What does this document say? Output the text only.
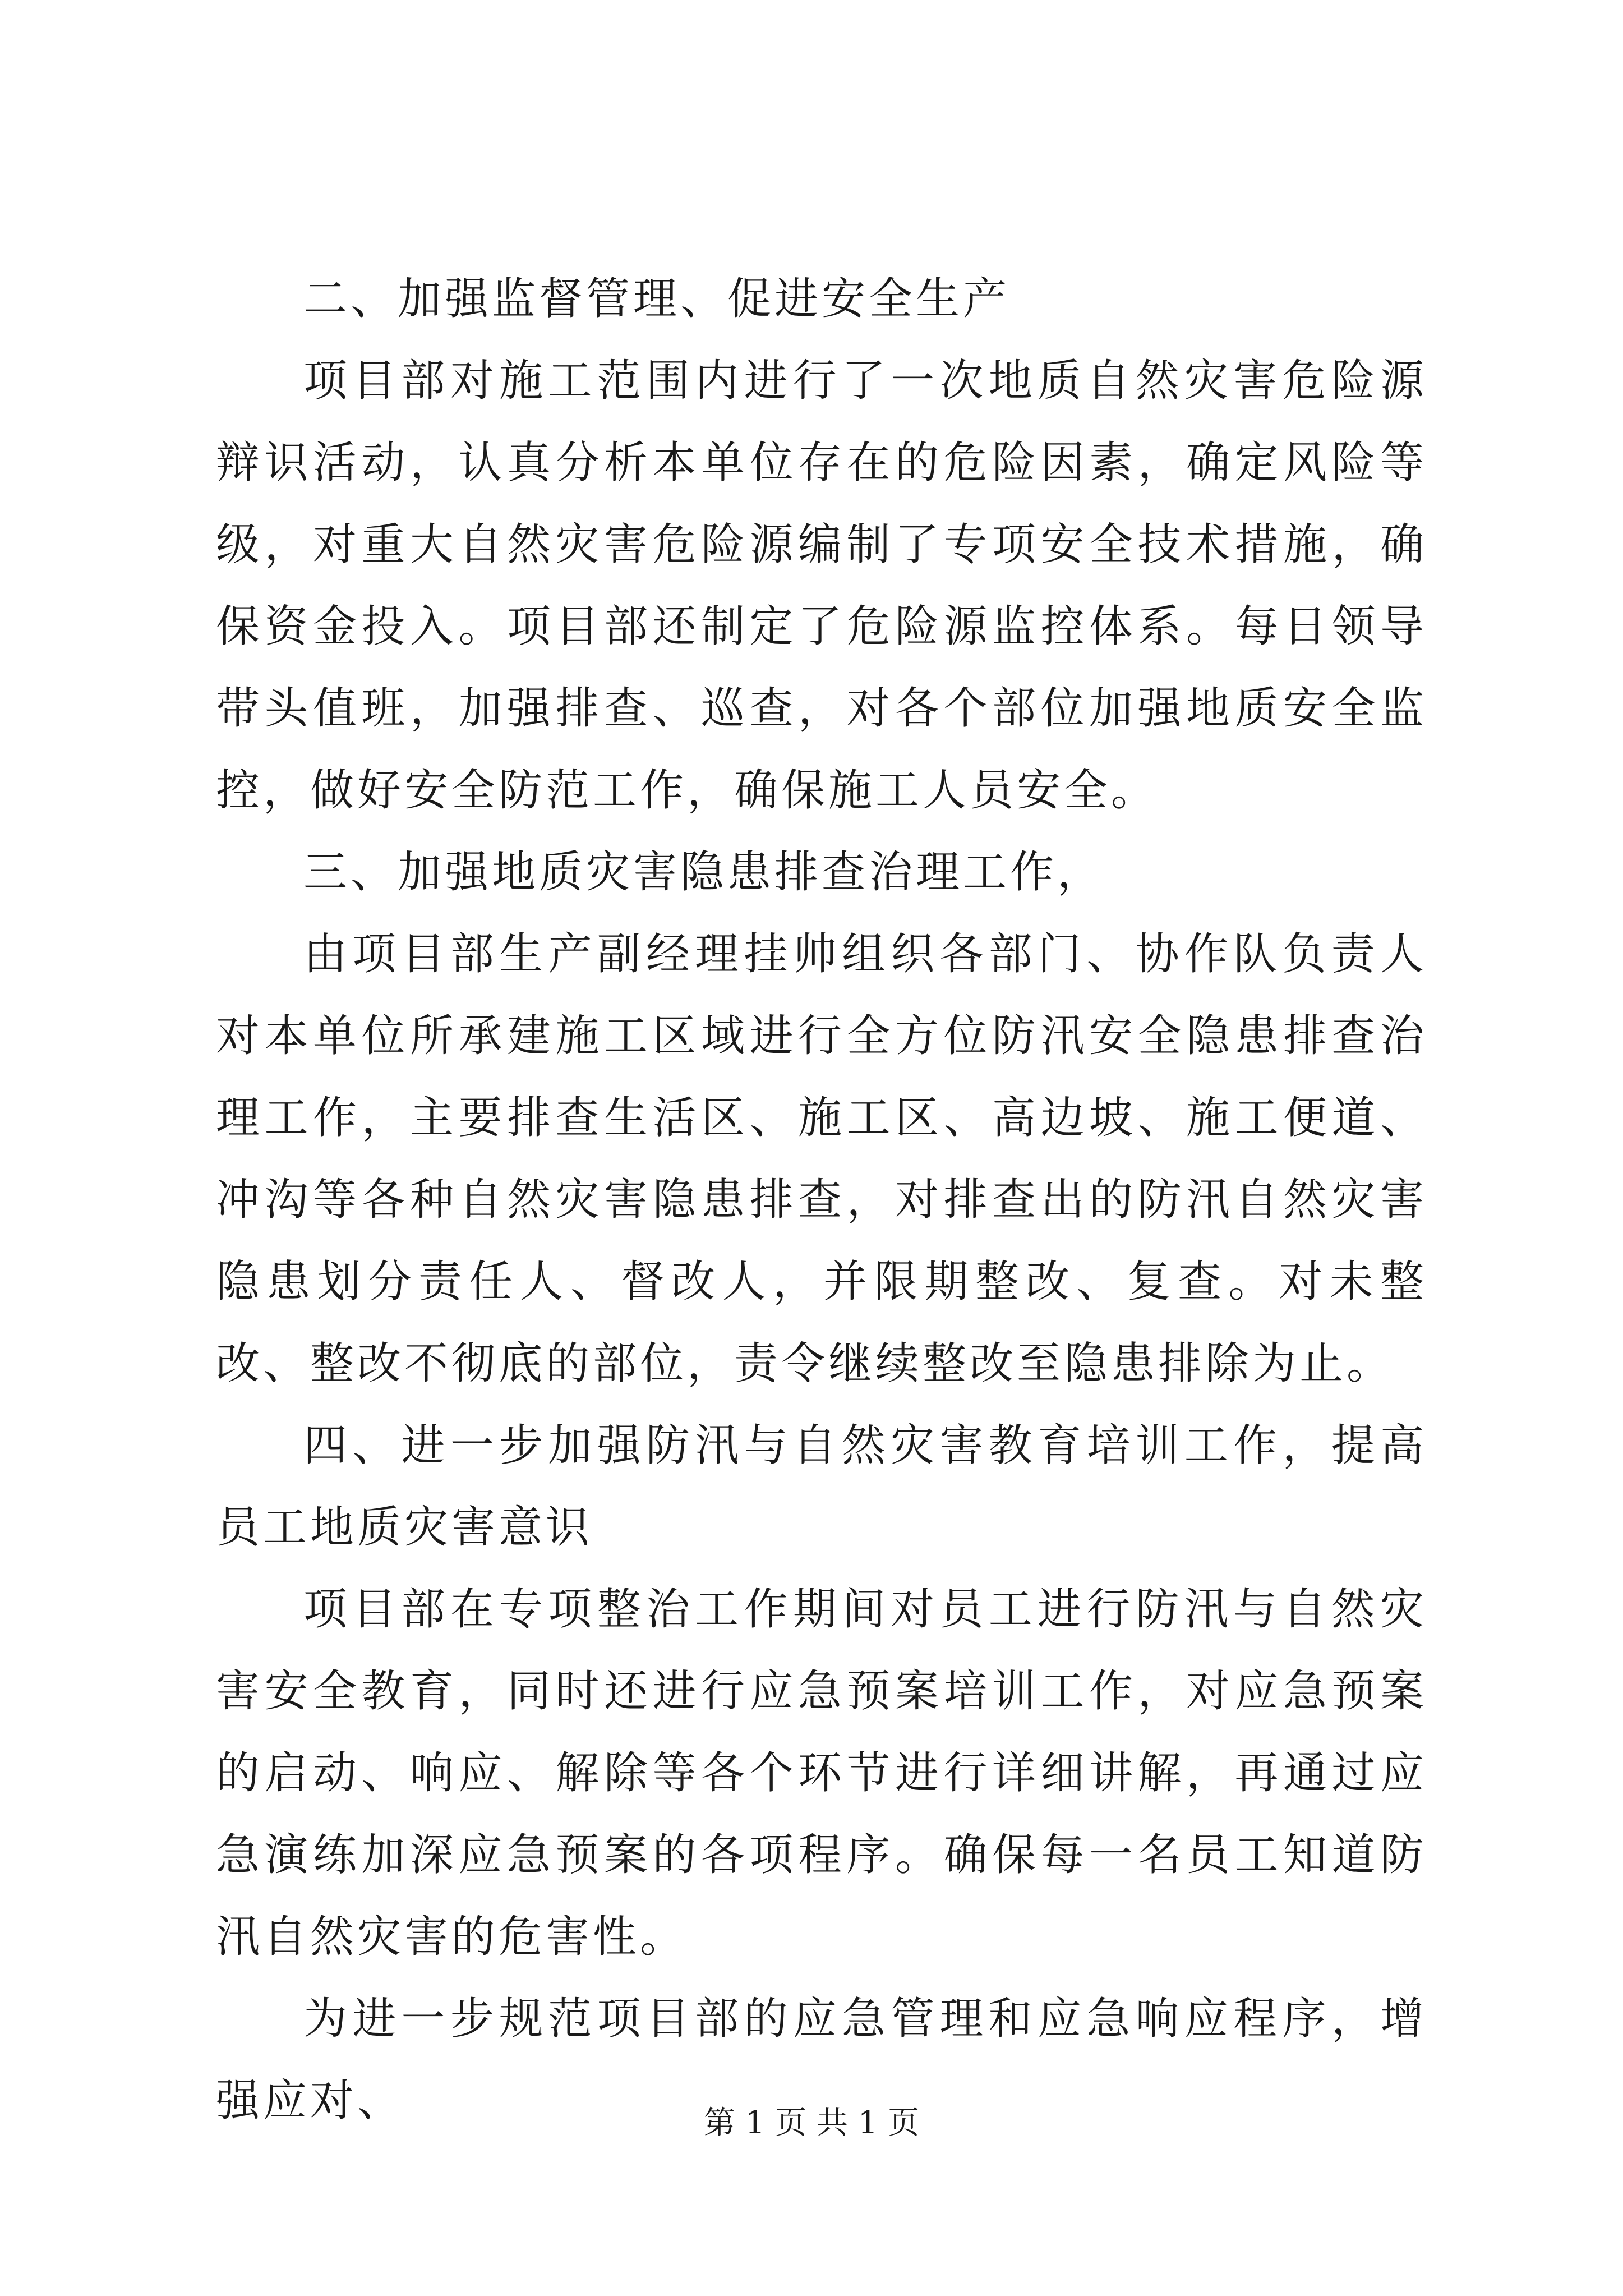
二、加强监督管理、促进安全生产

项目部对施工范围内进行了一次地质自然灾害危险源辩识活动，认真分析本单位存在的危险因素，确定风险等级，对重大自然灾害危险源编制了专项安全技术措施，确保资金投入。项目部还制定了危险源监控体系。每日领导带头值班，加强排查、巡查，对各个部位加强地质安全监控，做好安全防范工作，确保施工人员安全。

三、加强地质灾害隐患排查治理工作，

由项目部生产副经理挂帅组织各部门、协作队负责人对本单位所承建施工区域进行全方位防汛安全隐患排查治理工作，主要排查生活区、施工区、高边坡、施工便道、冲沟等各种自然灾害隐患排查，对排查出的防汛自然灾害隐患划分责任人、督改人，并限期整改、复查。对未整改、整改不彻底的部位，责令继续整改至隐患排除为止。

四、进一步加强防汛与自然灾害教育培训工作，提高员工地质灾害意识

项目部在专项整治工作期间对员工进行防汛与自然灾害安全教育，同时还进行应急预案培训工作，对应急预案的启动、响应、解除等各个环节进行详细讲解，再通过应急演练加深应急预案的各项程序。确保每一名员工知道防汛自然灾害的危害性。

为进一步规范项目部的应急管理和应急响应程序，增强应对、	第 1 页 共 1 页
